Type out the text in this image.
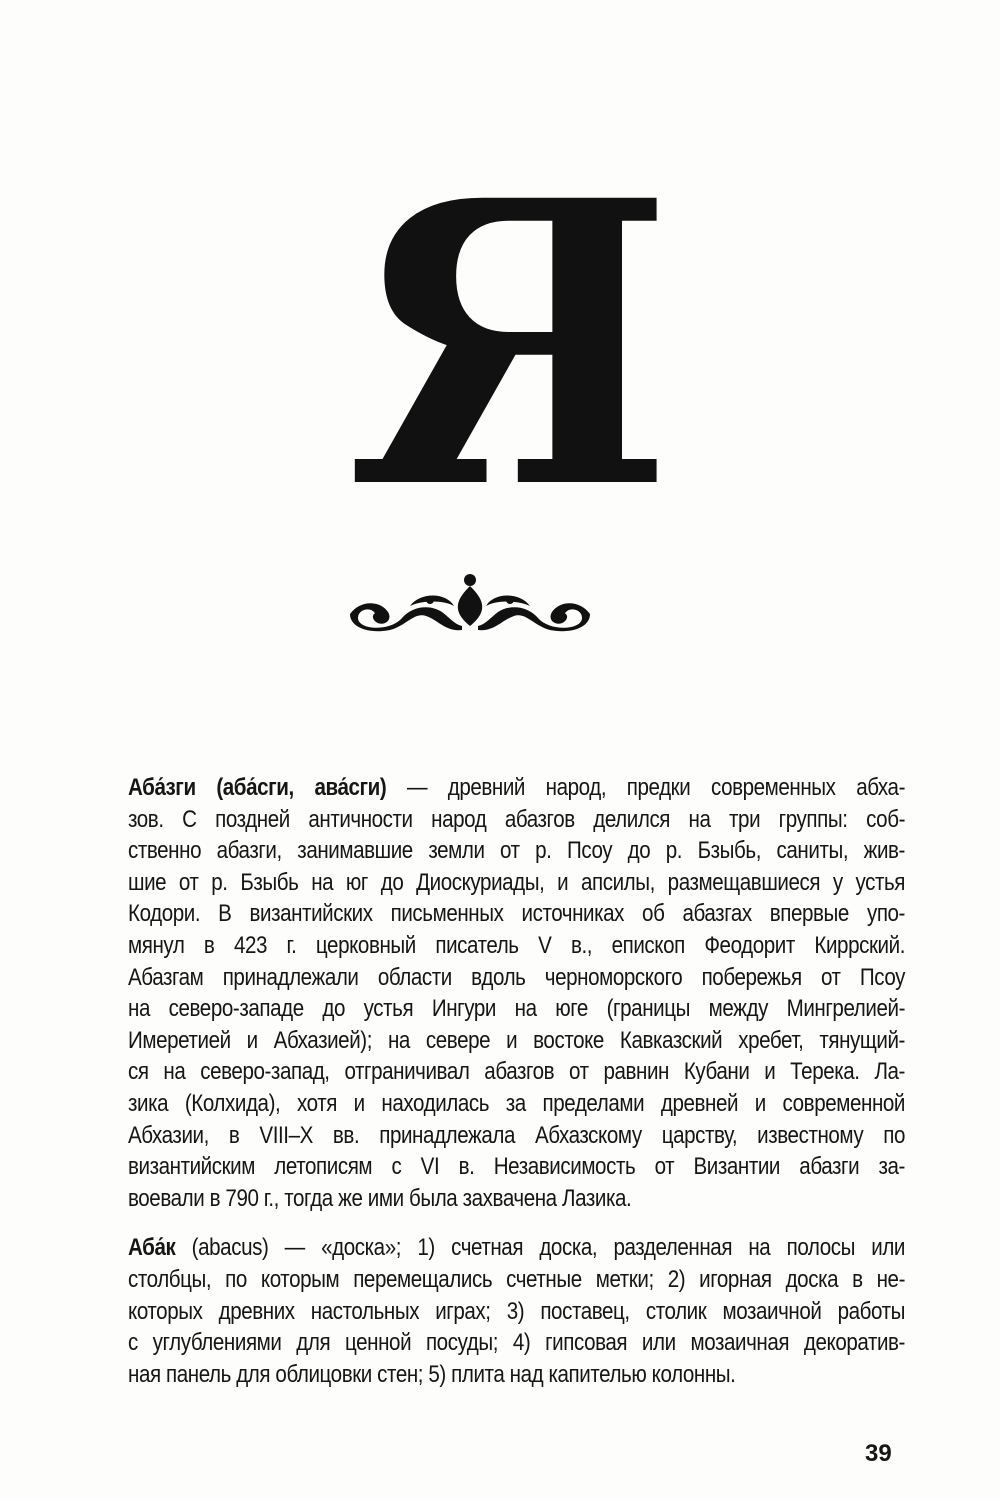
Я
Аба́зги (аба́сги, ава́сги) — древний народ, предки современных абха-
зов. С поздней античности народ абазгов делился на три группы: соб-
ственно абазги, занимавшие земли от р. Псоу до р. Бзыбь, саниты, жив-
шие от р. Бзыбь на юг до Диоскуриады, и апсилы, размещавшиеся у устья
Кодори. В византийских письменных источниках об абазгах впервые упо-
мянул в 423 г. церковный писатель V в., епископ Феодорит Киррский.
Абазгам принадлежали области вдоль черноморского побережья от Псоу
на северо-западе до устья Ингури на юге (границы между Мингрелией-
Имеретией и Абхазией); на севере и востоке Кавказский хребет, тянущий-
ся на северо-запад, отграничивал абазгов от равнин Кубани и Терека. Ла-
зика (Колхида), хотя и находилась за пределами древней и современной
Абхазии, в VIII–X вв. принадлежала Абхазскому царству, известному по
византийским летописям с VI в. Независимость от Византии абазги за-
воевали в 790 г., тогда же ими была захвачена Лазика.
Аба́к (abacus) — «доска»; 1) счетная доска, разделенная на полосы или
столбцы, по которым перемещались счетные метки; 2) игорная доска в не-
которых древних настольных играх; 3) поставец, столик мозаичной работы
с углублениями для ценной посуды; 4) гипсовая или мозаичная декоратив-
ная панель для облицовки стен; 5) плита над капителью колонны.
39
